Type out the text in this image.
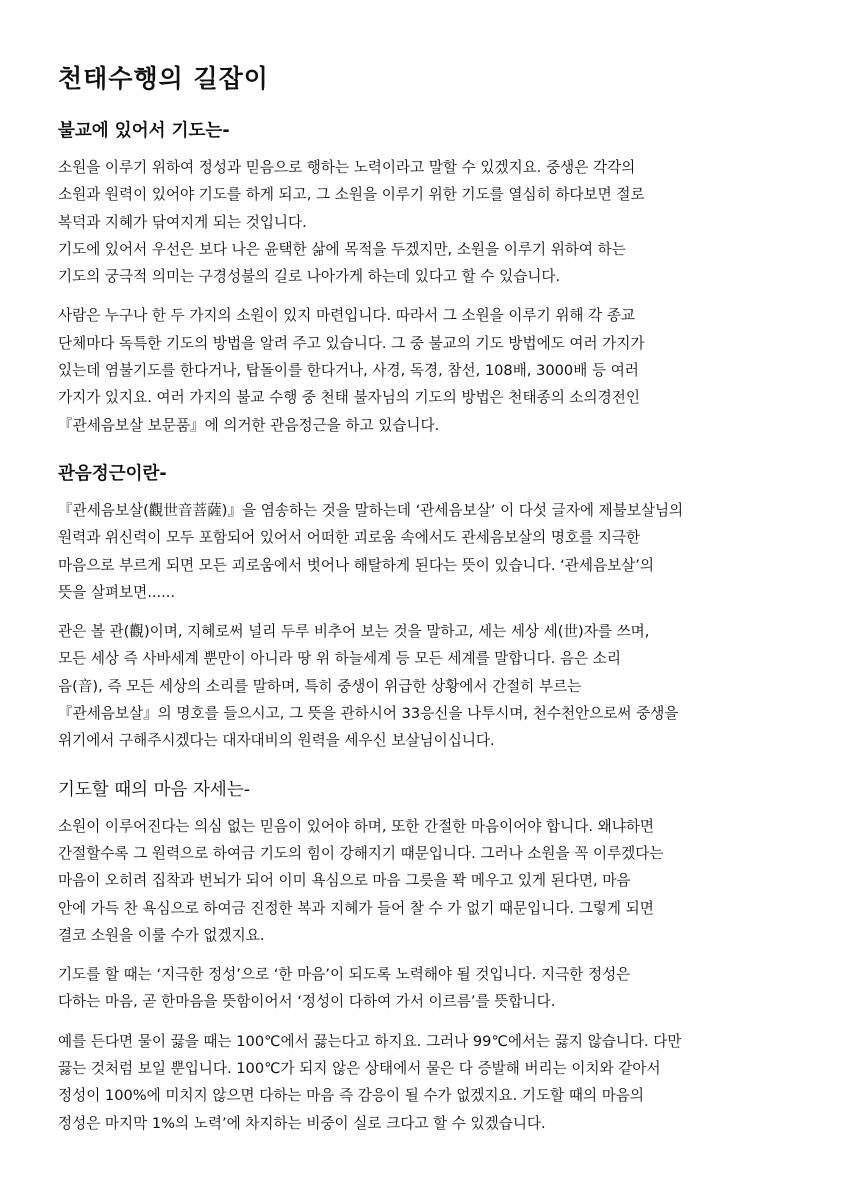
천태수행의 길잡이
불교에 있어서 기도는-

소원을 이루기 위하여 정성과 믿음으로 행하는 노력이라고 말할 수 있겠지요. 중생은 각각의
소원과 원력이 있어야 기도를 하게 되고, 그 소원을 이루기 위한 기도를 열심히 하다보면 절로
복덕과 지혜가 닦여지게 되는 것입니다.
기도에 있어서 우선은 보다 나은 윤택한 삶에 목적을 두겠지만, 소원을 이루기 위하여 하는
기도의 궁극적 의미는 구경성불의 길로 나아가게 하는데 있다고 할 수 있습니다.

사람은 누구나 한 두 가지의 소원이 있지 마련입니다. 따라서 그 소원을 이루기 위해 각 종교
단체마다 독특한 기도의 방법을 알려 주고 있습니다. 그 중 불교의 기도 방법에도 여러 가지가
있는데 염불기도를 한다거나, 탑돌이를 한다거나, 사경, 독경, 참선, 108배, 3000배 등 여러
가지가 있지요. 여러 가지의 불교 수행 중 천태 불자님의 기도의 방법은 천태종의 소의경전인
『관세음보살 보문품』에 의거한 관음정근을 하고 있습니다.

관음정근이란-

『관세음보살(觀世音菩薩)』을 염송하는 것을 말하는데 ‘관세음보살’ 이 다섯 글자에 제불보살님의
원력과 위신력이 모두 포함되어 있어서 어떠한 괴로움 속에서도 관세음보살의 명호를 지극한
마음으로 부르게 되면 모든 괴로움에서 벗어나 해탈하게 된다는 뜻이 있습니다. ‘관세음보살’의
뜻을 살펴보면......

관은 볼 관(觀)이며, 지혜로써 널리 두루 비추어 보는 것을 말하고, 세는 세상 세(世)자를 쓰며,
모든 세상 즉 사바세계 뿐만이 아니라 땅 위 하늘세계 등 모든 세계를 말합니다. 음은 소리
음(音), 즉 모든 세상의 소리를 말하며, 특히 중생이 위급한 상황에서 간절히 부르는
『관세음보살』의 명호를 들으시고, 그 뜻을 관하시어 33응신을 나투시며, 천수천안으로써 중생을
위기에서 구해주시겠다는 대자대비의 원력을 세우신 보살님이십니다.

기도할 때의 마음 자세는-

소원이 이루어진다는 의심 없는 믿음이 있어야 하며, 또한 간절한 마음이어야 합니다. 왜냐하면
간절할수록 그 원력으로 하여금 기도의 힘이 강해지기 때문입니다. 그러나 소원을 꼭 이루겠다는
마음이 오히려 집착과 번뇌가 되어 이미 욕심으로 마음 그릇을 꽉 메우고 있게 된다면, 마음
안에 가득 찬 욕심으로 하여금 진정한 복과 지혜가 들어 찰 수 가 없기 때문입니다. 그렇게 되면
결코 소원을 이룰 수가 없겠지요.

기도를 할 때는 ‘지극한 정성’으로 ‘한 마음’이 되도록 노력해야 될 것입니다. 지극한 정성은
다하는 마음, 곧 한마음을 뜻함이어서 ‘정성이 다하여 가서 이르름’를 뜻합니다.

예를 든다면 물이 끓을 때는 100℃에서 끓는다고 하지요. 그러나 99℃에서는 끓지 않습니다. 다만
끓는 것처럼 보일 뿐입니다. 100℃가 되지 않은 상태에서 물은 다 증발해 버리는 이치와 같아서
정성이 100%에 미치지 않으면 다하는 마음 즉 감응이 될 수가 없겠지요. 기도할 때의 마음의
정성은 마지막 1%의 노력’에 차지하는 비중이 실로 크다고 할 수 있겠습니다.
